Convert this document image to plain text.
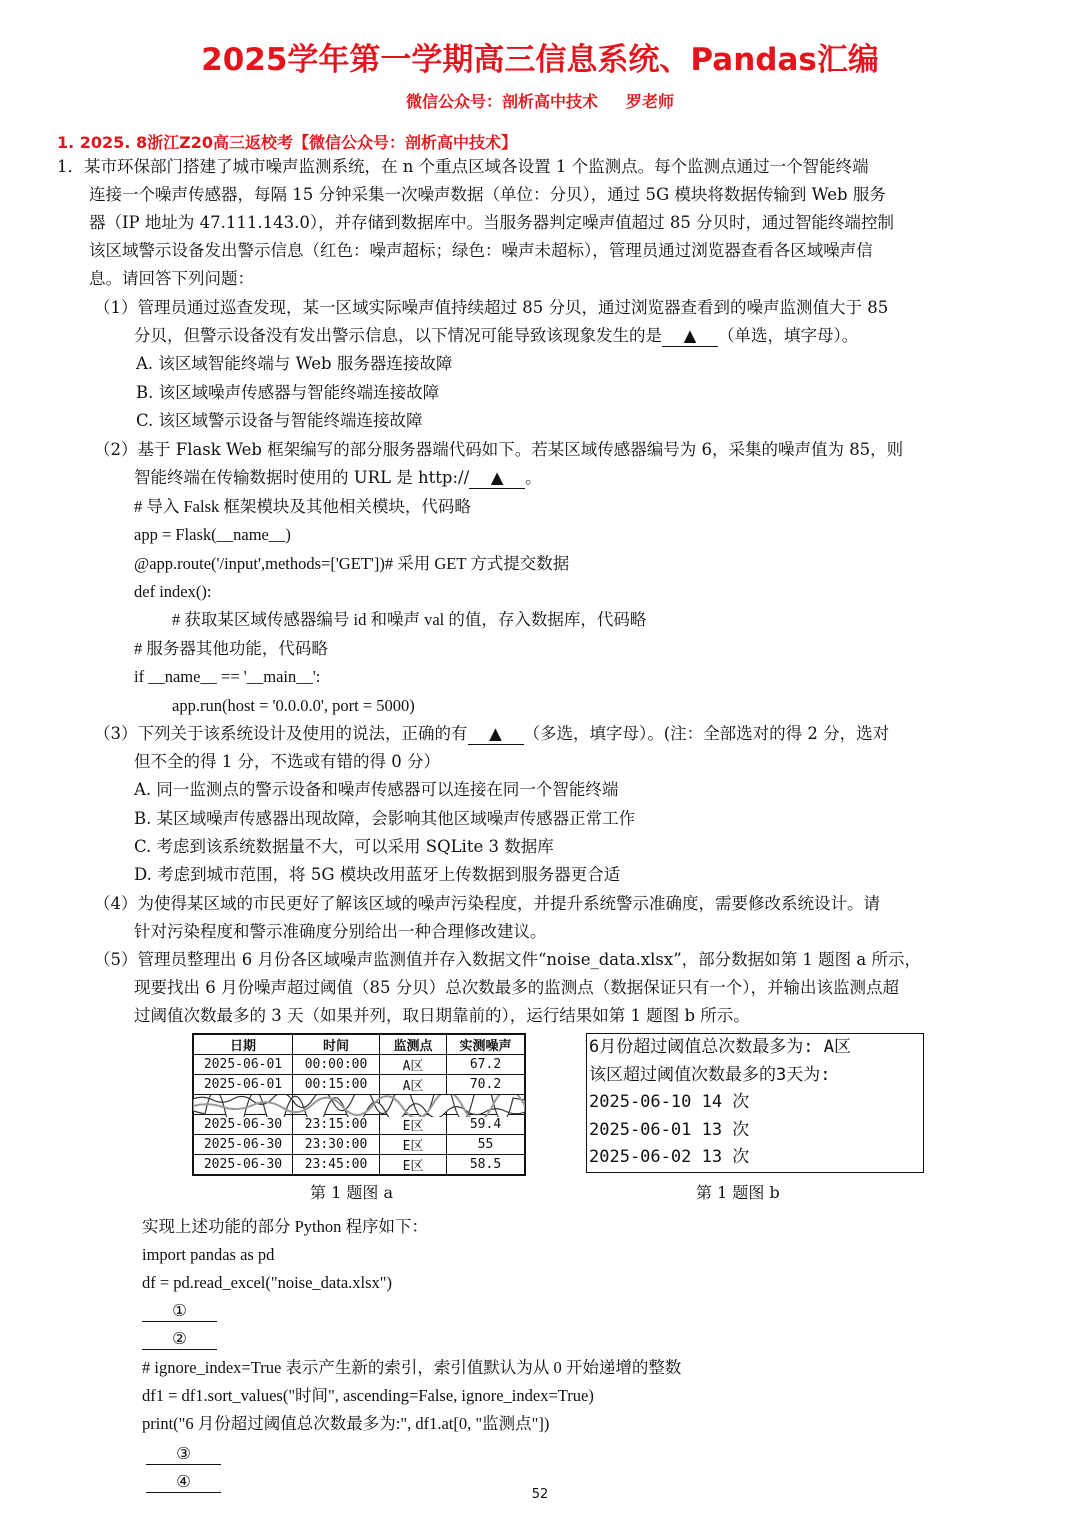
2025学年第一学期高三信息系统、Pandas汇编
微信公众号：剖析高中技术 罗老师
1. 2025. 8浙江Z20高三返校考【微信公众号：剖析高中技术】
1．某市环保部门搭建了城市噪声监测系统，在 n 个重点区域各设置 1 个监测点。每个监测点通过一个智能终端
连接一个噪声传感器，每隔 15 分钟采集一次噪声数据（单位：分贝），通过 5G 模块将数据传输到 Web 服务
器（IP 地址为 47.111.143.0），并存储到数据库中。当服务器判定噪声值超过 85 分贝时，通过智能终端控制
该区域警示设备发出警示信息（红色：噪声超标；绿色：噪声未超标），管理员通过浏览器查看各区域噪声信
息。请回答下列问题：
（1）管理员通过巡查发现，某一区域实际噪声值持续超过 85 分贝，通过浏览器查看到的噪声监测值大于 85
分贝，但警示设备没有发出警示信息，以下情况可能导致该现象发生的是 ▲ （单选，填字母）。
A. 该区域智能终端与 Web 服务器连接故障
B. 该区域噪声传感器与智能终端连接故障
C. 该区域警示设备与智能终端连接故障
（2）基于 Flask Web 框架编写的部分服务器端代码如下。若某区域传感器编号为 6，采集的噪声值为 85，则
智能终端在传输数据时使用的 URL 是 http:// ▲ 。
# 导入 Falsk 框架模块及其他相关模块，代码略
app = Flask(__name__)
@app.route('/input',methods=['GET'])# 采用 GET 方式提交数据
def index():
# 获取某区域传感器编号 id 和噪声 val 的值，存入数据库，代码略
# 服务器其他功能，代码略
if __name__ == '__main__':
app.run(host = '0.0.0.0', port = 5000)
（3）下列关于该系统设计及使用的说法，正确的有 ▲ （多选，填字母）。(注：全部选对的得 2 分，选对
但不全的得 1 分，不选或有错的得 0 分）
A. 同一监测点的警示设备和噪声传感器可以连接在同一个智能终端
B. 某区域噪声传感器出现故障，会影响其他区域噪声传感器正常工作
C. 考虑到该系统数据量不大，可以采用 SQLite 3 数据库
D. 考虑到城市范围，将 5G 模块改用蓝牙上传数据到服务器更合适
（4）为使得某区域的市民更好了解该区域的噪声污染程度，并提升系统警示准确度，需要修改系统设计。请
针对污染程度和警示准确度分别给出一种合理修改建议。
（5）管理员整理出 6 月份各区域噪声监测值并存入数据文件“noise_data.xlsx”，部分数据如第 1 题图 a 所示，
现要找出 6 月份噪声超过阈值（85 分贝）总次数最多的监测点（数据保证只有一个），并输出该监测点超
过阈值次数最多的 3 天（如果并列，取日期靠前的），运行结果如第 1 题图 b 所示。
日期	时间	监测点	实测噪声
2025-06-01	00:00:00	A区	67.2
2025-06-01	00:15:00	A区	70.2

2025-06-30	23:15:00	E区	59.4
2025-06-30	23:30:00	E区	55
2025-06-30	23:45:00	E区	58.5
第 1 题图 a
6月份超过阈值总次数最多为: A区
该区超过阈值次数最多的3天为:
2025-06-10 14 次
2025-06-01 13 次
2025-06-02 13 次
第 1 题图 b
实现上述功能的部分 Python 程序如下：
import pandas as pd
df = pd.read_excel("noise_data.xlsx")
①
②
# ignore_index=True 表示产生新的索引，索引值默认为从 0 开始递增的整数
df1 = df1.sort_values("时间", ascending=False, ignore_index=True)
print("6 月份超过阈值总次数最多为:", df1.at[0, "监测点"])
③
④
52
